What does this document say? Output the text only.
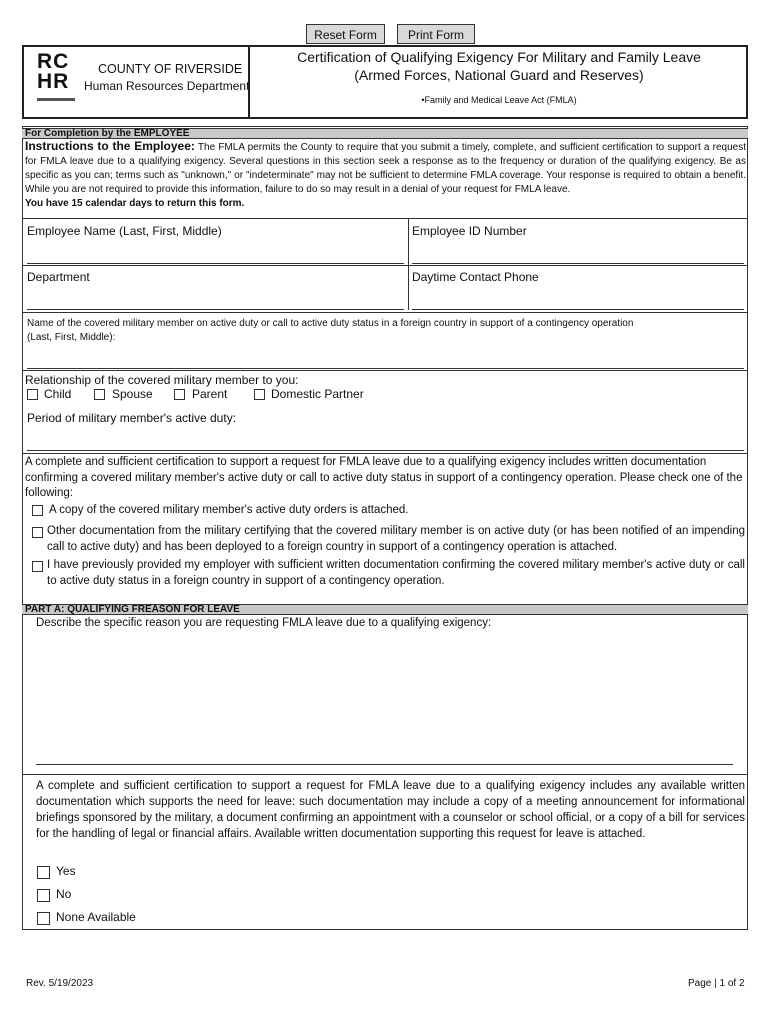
Reset Form	Print Form
RC
HR
COUNTY OF RIVERSIDE
Human Resources Department
Certification of Qualifying Exigency For Military and Family Leave
(Armed Forces, National Guard and Reserves)
•Family and Medical Leave Act (FMLA)
For Completion by the EMPLOYEE
Instructions to the Employee: The FMLA permits the County to require that you submit a timely, complete, and sufficient certification to support a request for FMLA leave due to a qualifying exigency. Several questions in this section seek a response as to the frequency or duration of the qualifying exigency. Be as specific as you can; terms such as "unknown," or "indeterminate" may not be sufficient to determine FMLA coverage. Your response is required to obtain a benefit. While you are not required to provide this information, failure to do so may result in a denial of your request for FMLA leave.
You have 15 calendar days to return this form.
Employee Name (Last, First, Middle)	Employee ID Number
Department	Daytime Contact Phone
Name of the covered military member on active duty or call to active duty status in a foreign country in support of a contingency operation
(Last, First, Middle):
Relationship of the covered military member to you:
Child	Spouse	Parent	Domestic Partner
Period of military member's active duty:
A complete and sufficient certification to support a request for FMLA leave due to a qualifying exigency includes written documentation confirming a covered military member's active duty or call to active duty status in support of a contingency operation. Please check one of the following:
A copy of the covered military member's active duty orders is attached.
Other documentation from the military certifying that the covered military member is on active duty (or has been notified of an impending call to active duty) and has been deployed to a foreign country in support of a contingency operation is attached.
I have previously provided my employer with sufficient written documentation confirming the covered military member's active duty or call to active duty status in a foreign country in support of a contingency operation.
PART A: QUALIFYING FREASON FOR LEAVE
Describe the specific reason you are requesting FMLA leave due to a qualifying exigency:
A complete and sufficient certification to support a request for FMLA leave due to a qualifying exigency includes any available written documentation which supports the need for leave: such documentation may include a copy of a meeting announcement for informational briefings sponsored by the military, a document confirming an appointment with a counselor or school official, or a copy of a bill for services for the handling of legal or financial affairs. Available written documentation supporting this request for leave is attached.
Yes
No
None Available
Rev. 5/19/2023	Page | 1 of 2
